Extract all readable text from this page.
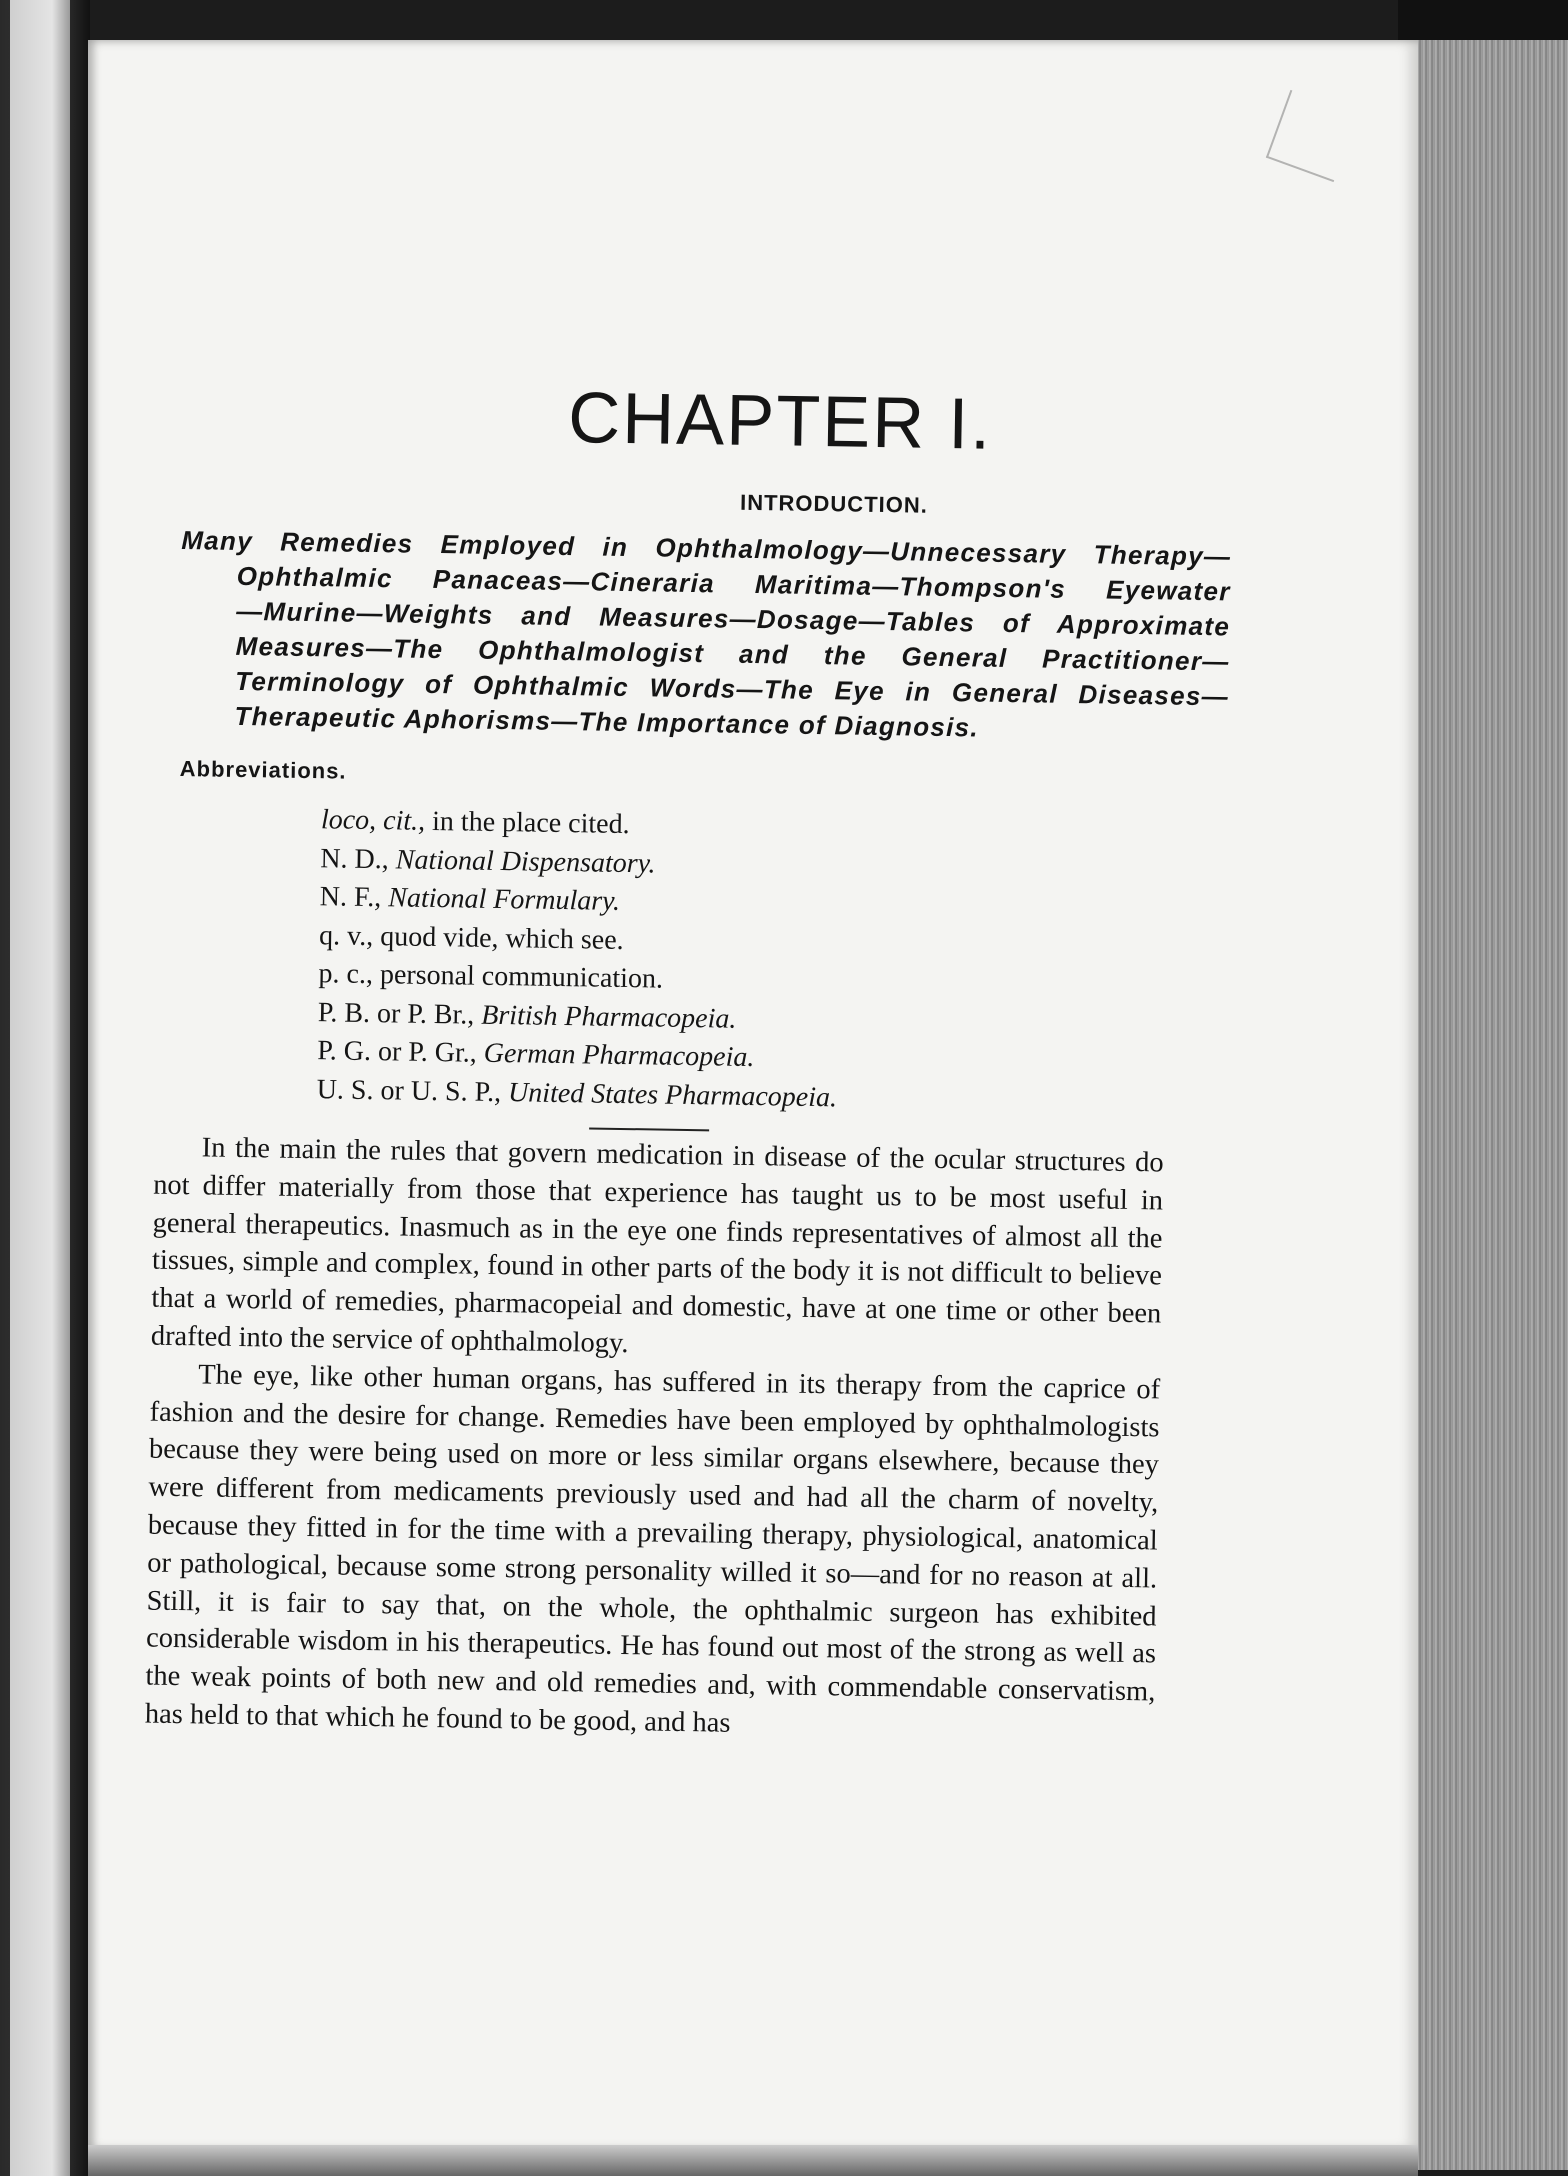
CHAPTER I.
INTRODUCTION.
Many Remedies Employed in Ophthalmology—Unnecessary Therapy—
Ophthalmic Panaceas—Cineraria Maritima—Thompson's Eyewater
—Murine—Weights and Measures—Dosage—Tables of Approximate
Measures—The Ophthalmologist and the General Practitioner—
Terminology of Ophthalmic Words—The Eye in General Diseases—
Therapeutic Aphorisms—The Importance of Diagnosis.
Abbreviations.
loco, cit., in the place cited.
N. D., National Dispensatory.
N. F., National Formulary.
q. v., quod vide, which see.
p. c., personal communication.
P. B. or P. Br., British Pharmacopeia.
P. G. or P. Gr., German Pharmacopeia.
U. S. or U. S. P., United States Pharmacopeia.

In the main the rules that govern medication in disease of the ocular structures do not differ materially from those that experience has taught us to be most useful in general therapeutics. Inasmuch as in the eye one finds representatives of almost all the tissues, simple and complex, found in other parts of the body it is not difficult to believe that a world of remedies, pharmacopeial and domestic, have at one time or other been drafted into the service of ophthalmology.

The eye, like other human organs, has suffered in its therapy from the caprice of fashion and the desire for change. Remedies have been employed by ophthalmologists because they were being used on more or less similar organs elsewhere, because they were different from medicaments previously used and had all the charm of novelty, because they fitted in for the time with a prevailing therapy, physiological, anatomical or pathological, because some strong personality willed it so—and for no reason at all. Still, it is fair to say that, on the whole, the ophthalmic surgeon has exhibited considerable wisdom in his therapeutics. He has found out most of the strong as well as the weak points of both new and old remedies and, with commendable conservatism, has held to that which he found to be good, and has
